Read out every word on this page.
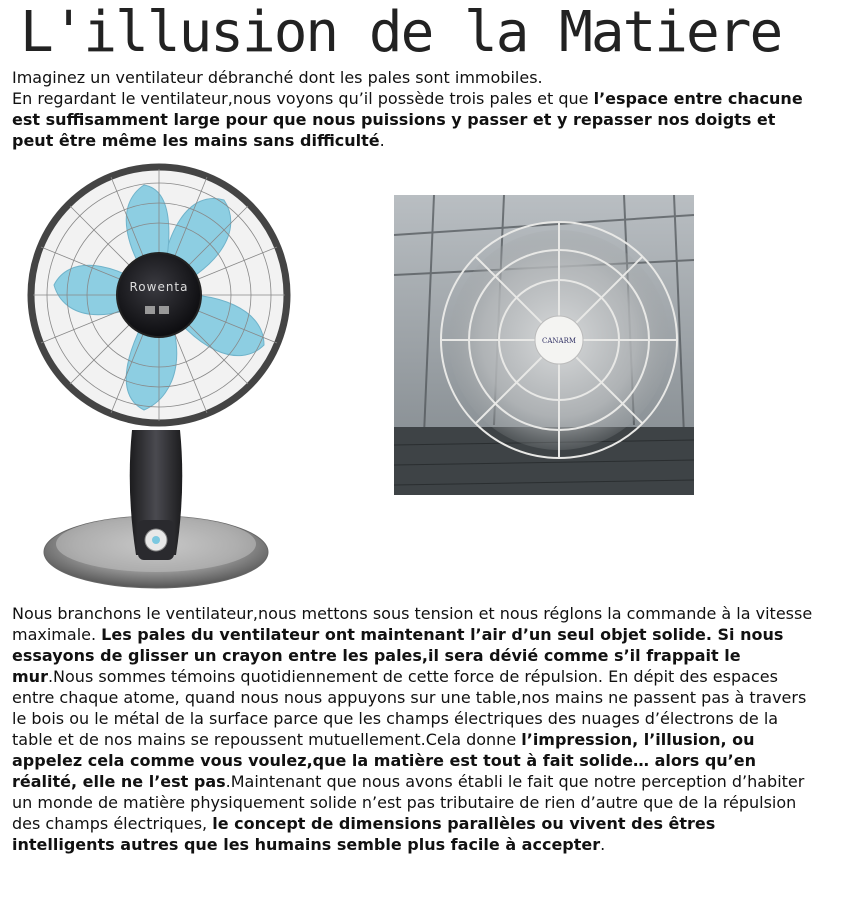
L'illusion de la Matiere

Imaginez un ventilateur débranché dont les pales sont immobiles.
En regardant le ventilateur,nous voyons qu’il possède trois pales et que l’espace entre chacune est suffisamment large pour que nous puissions y passer et y repasser nos doigts et peut être même les mains sans difficulté.

Rowenta
CANARM

Nous branchons le ventilateur,nous mettons sous tension et nous réglons la commande à la vitesse maximale. Les pales du ventilateur ont maintenant l’air d’un seul objet solide. Si nous essayons de glisser un crayon entre les pales,il sera dévié comme s’il frappait le mur.Nous sommes témoins quotidiennement de cette force de répulsion. En dépit des espaces entre chaque atome, quand nous nous appuyons sur une table,nos mains ne passent pas à travers le bois ou le métal de la surface parce que les champs électriques des nuages d’électrons de la table et de nos mains se repoussent mutuellement.Cela donne l’impression, l’illusion, ou appelez cela comme vous voulez,que la matière est tout à fait solide… alors qu’en réalité, elle ne l’est pas.Maintenant que nous avons établi le fait que notre perception d’habiter un monde de matière physiquement solide n’est pas tributaire de rien d’autre que de la répulsion des champs électriques, le concept de dimensions parallèles ou vivent des êtres intelligents autres que les humains semble plus facile à accepter.
